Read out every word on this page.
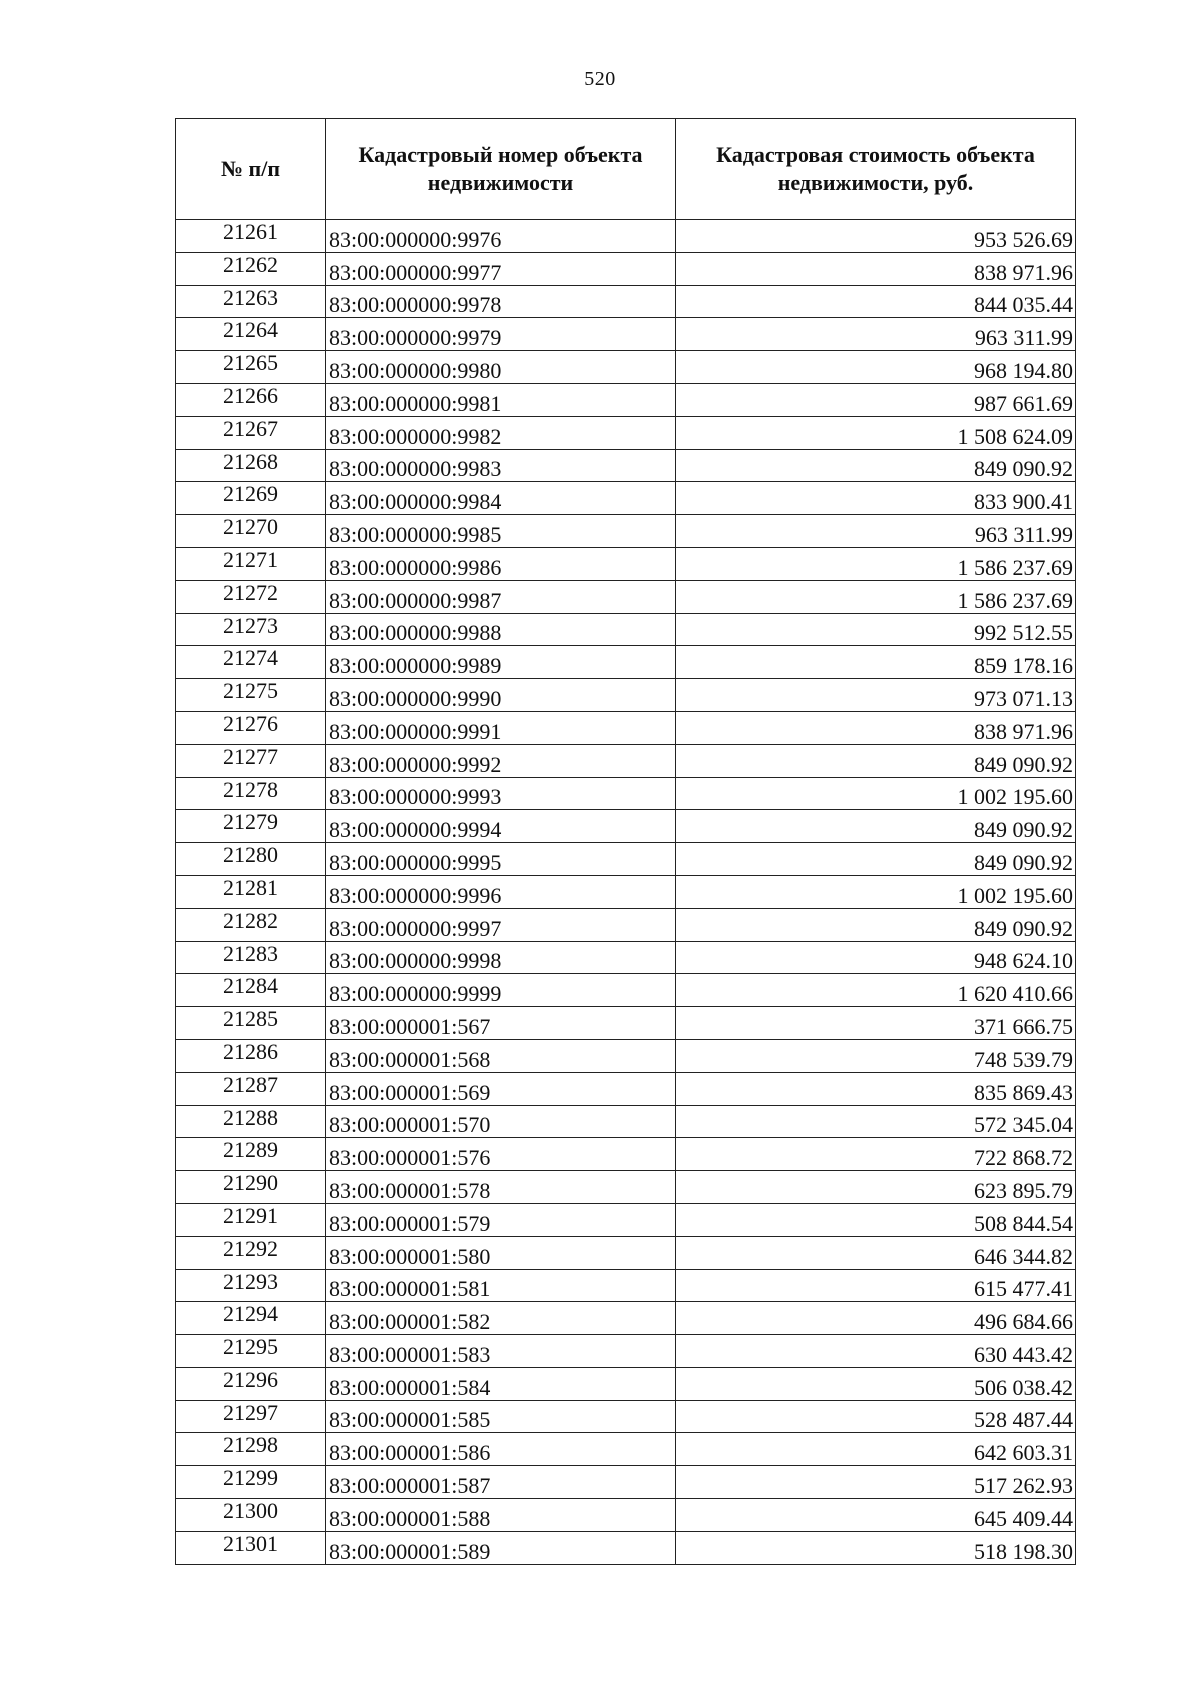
520
№ п/п	Кадастровый номер объекта недвижимости	Кадастровая стоимость объекта недвижимости, руб.
21261	83:00:000000:9976	953 526.69
21262	83:00:000000:9977	838 971.96
21263	83:00:000000:9978	844 035.44
21264	83:00:000000:9979	963 311.99
21265	83:00:000000:9980	968 194.80
21266	83:00:000000:9981	987 661.69
21267	83:00:000000:9982	1 508 624.09
21268	83:00:000000:9983	849 090.92
21269	83:00:000000:9984	833 900.41
21270	83:00:000000:9985	963 311.99
21271	83:00:000000:9986	1 586 237.69
21272	83:00:000000:9987	1 586 237.69
21273	83:00:000000:9988	992 512.55
21274	83:00:000000:9989	859 178.16
21275	83:00:000000:9990	973 071.13
21276	83:00:000000:9991	838 971.96
21277	83:00:000000:9992	849 090.92
21278	83:00:000000:9993	1 002 195.60
21279	83:00:000000:9994	849 090.92
21280	83:00:000000:9995	849 090.92
21281	83:00:000000:9996	1 002 195.60
21282	83:00:000000:9997	849 090.92
21283	83:00:000000:9998	948 624.10
21284	83:00:000000:9999	1 620 410.66
21285	83:00:000001:567	371 666.75
21286	83:00:000001:568	748 539.79
21287	83:00:000001:569	835 869.43
21288	83:00:000001:570	572 345.04
21289	83:00:000001:576	722 868.72
21290	83:00:000001:578	623 895.79
21291	83:00:000001:579	508 844.54
21292	83:00:000001:580	646 344.82
21293	83:00:000001:581	615 477.41
21294	83:00:000001:582	496 684.66
21295	83:00:000001:583	630 443.42
21296	83:00:000001:584	506 038.42
21297	83:00:000001:585	528 487.44
21298	83:00:000001:586	642 603.31
21299	83:00:000001:587	517 262.93
21300	83:00:000001:588	645 409.44
21301	83:00:000001:589	518 198.30
